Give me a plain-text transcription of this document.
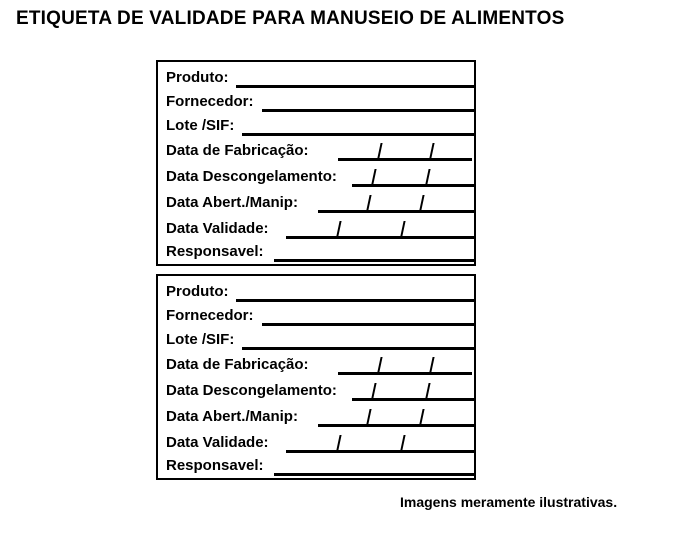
ETIQUETA DE VALIDADE PARA MANUSEIO DE ALIMENTOS
Produto:
Fornecedor:
Lote /SIF:
Data de Fabricação:
Data Descongelamento:
Data Abert./Manip:
Data Validade:
Responsavel:
Produto:
Fornecedor:
Lote /SIF:
Data de Fabricação:
Data Descongelamento:
Data Abert./Manip:
Data Validade:
Responsavel:
Imagens meramente ilustrativas.
